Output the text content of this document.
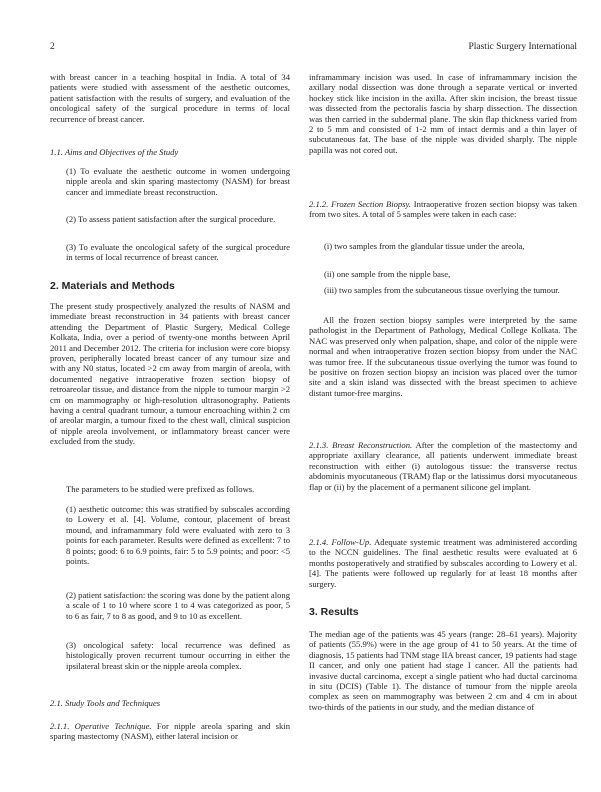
2	Plastic Surgery International
with breast cancer in a teaching hospital in India. A total of 34 patients were studied with assessment of the aesthetic outcomes, patient satisfaction with the results of surgery, and evaluation of the oncological safety of the surgical procedure in terms of local recurrence of breast cancer.
1.1. Aims and Objectives of the Study
(1) To evaluate the aesthetic outcome in women undergoing nipple areola and skin sparing mastectomy (NASM) for breast cancer and immediate breast reconstruction.
(2) To assess patient satisfaction after the surgical procedure.
(3) To evaluate the oncological safety of the surgical procedure in terms of local recurrence of breast cancer.
2. Materials and Methods
The present study prospectively analyzed the results of NASM and immediate breast reconstruction in 34 patients with breast cancer attending the Department of Plastic Surgery, Medical College Kolkata, India, over a period of twenty-one months between April 2011 and December 2012. The criteria for inclusion were core biopsy proven, peripherally located breast cancer of any tumour size and with any N0 status, located >2 cm away from margin of areola, with documented negative intraoperative frozen section biopsy of retroareolar tissue, and distance from the nipple to tumour margin >2 cm on mammography or high-resolution ultrasonography. Patients having a central quadrant tumour, a tumour encroaching within 2 cm of areolar margin, a tumour fixed to the chest wall, clinical suspicion of nipple areola involvement, or inflammatory breast cancer were excluded from the study.
The parameters to be studied were prefixed as follows.
(1) aesthetic outcome: this was stratified by subscales according to Lowery et al. [4]. Volume, contour, placement of breast mound, and inframammary fold were evaluated with zero to 3 points for each parameter. Results were defined as excellent: 7 to 8 points; good: 6 to 6.9 points, fair: 5 to 5.9 points; and poor: <5 points.
(2) patient satisfaction: the scoring was done by the patient along a scale of 1 to 10 where score 1 to 4 was categorized as poor, 5 to 6 as fair, 7 to 8 as good, and 9 to 10 as excellent.
(3) oncological safety: local recurrence was defined as histologically proven recurrent tumour occurring in either the ipsilateral breast skin or the nipple areola complex.
2.1. Study Tools and Techniques
2.1.1. Operative Technique. For nipple areola sparing and skin sparing mastectomy (NASM), either lateral incision or
inframammary incision was used. In case of inframammary incision the axillary nodal dissection was done through a separate vertical or inverted hockey stick like incision in the axilla. After skin incision, the breast tissue was dissected from the pectoralis fascia by sharp dissection. The dissection was then carried in the subdermal plane. The skin flap thickness varied from 2 to 5 mm and consisted of 1-2 mm of intact dermis and a thin layer of subcutaneous fat. The base of the nipple was divided sharply. The nipple papilla was not cored out.
2.1.2. Frozen Section Biopsy. Intraoperative frozen section biopsy was taken from two sites. A total of 5 samples were taken in each case:
(i) two samples from the glandular tissue under the areola,
(ii) one sample from the nipple base,
(iii) two samples from the subcutaneous tissue overlying the tumour.
All the frozen section biopsy samples were interpreted by the same pathologist in the Department of Pathology, Medical College Kolkata. The NAC was preserved only when palpation, shape, and color of the nipple were normal and when intraoperative frozen section biopsy from under the NAC was tumor free. If the subcutaneous tissue overlying the tumor was found to be positive on frozen section biopsy an incision was placed over the tumor site and a skin island was dissected with the breast specimen to achieve distant tumor-free margins.
2.1.3. Breast Reconstruction. After the completion of the mastectomy and appropriate axillary clearance, all patients underwent immediate breast reconstruction with either (i) autologous tissue: the transverse rectus abdominis myocutaneous (TRAM) flap or the latissimus dorsi myocutaneous flap or (ii) by the placement of a permanent silicone gel implant.
2.1.4. Follow-Up. Adequate systemic treatment was administered according to the NCCN guidelines. The final aesthetic results were evaluated at 6 months postoperatively and stratified by subscales according to Lowery et al. [4]. The patients were followed up regularly for at least 18 months after surgery.
3. Results
The median age of the patients was 45 years (range: 28–61 years). Majority of patients (55.9%) were in the age group of 41 to 50 years. At the time of diagnosis, 15 patients had TNM stage IIA breast cancer, 19 patients had stage II cancer, and only one patient had stage I cancer. All the patients had invasive ductal carcinoma, except a single patient who had ductal carcinoma in situ (DCIS) (Table 1). The distance of tumour from the nipple areola complex as seen on mammography was between 2 cm and 4 cm in about two-thirds of the patients in our study, and the median distance of
